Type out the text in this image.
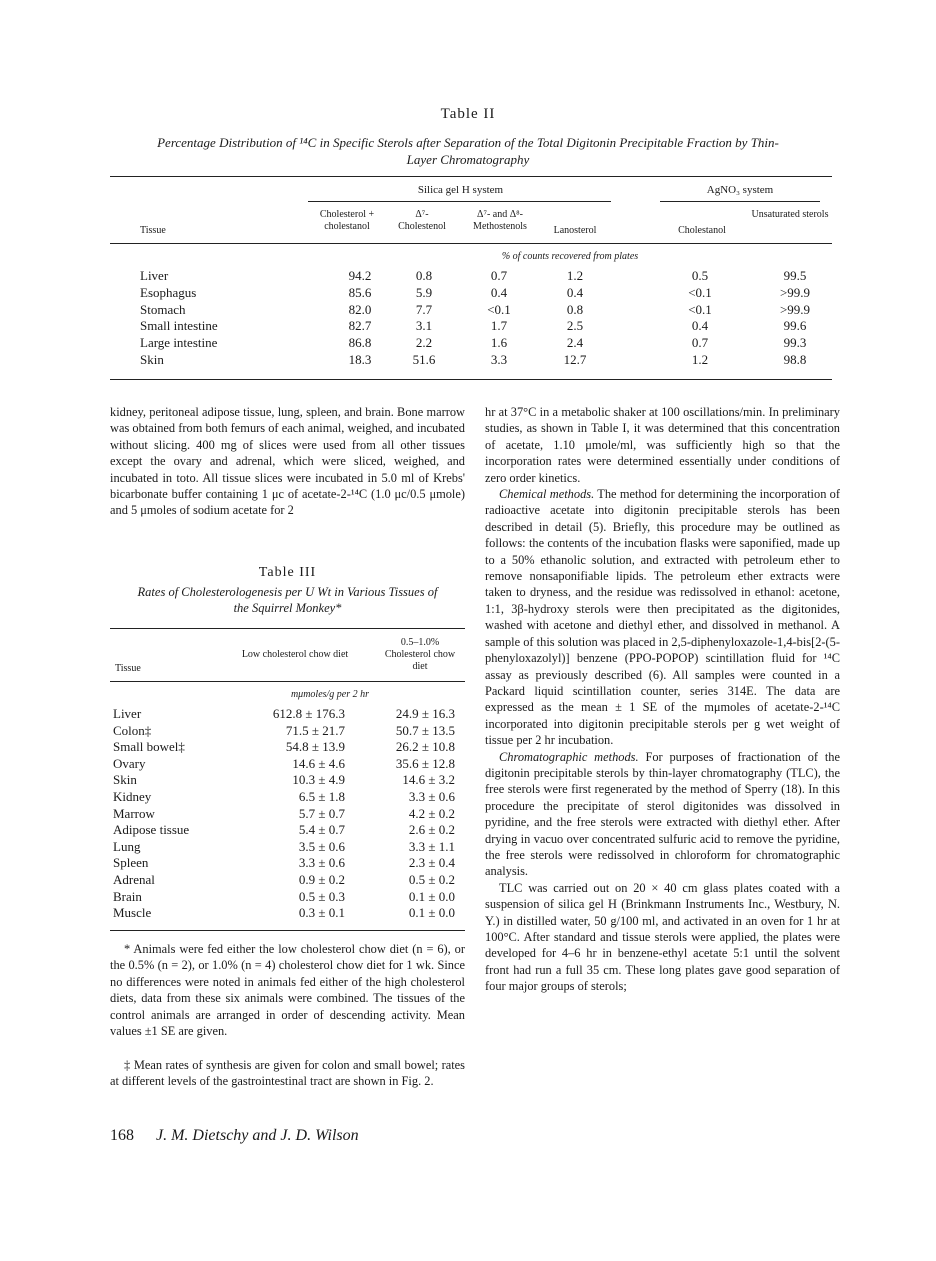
Table II
Percentage Distribution of ¹⁴C in Specific Sterols after Separation of the Total Digitonin Precipitable Fraction by Thin-Layer Chromatography
Silica gel H system	AgNO₃ system
Tissue
Cholesterol + cholestanol
Δ⁷-Cholestenol
Δ⁷- and Δ⁸-Methostenols	Lanosterol	Cholestanol
Unsaturated sterols
% of counts recovered from plates
Liver	94.2	0.8	0.7	1.2	0.5	99.5
Esophagus	85.6	5.9	0.4	0.4	<0.1	>99.9
Stomach	82.0	7.7	<0.1	0.8	<0.1	>99.9
Small intestine	82.7	3.1	1.7	2.5	0.4	99.6
Large intestine	86.8	2.2	1.6	2.4	0.7	99.3
Skin	18.3	51.6	3.3	12.7	1.2	98.8
kidney, peritoneal adipose tissue, lung, spleen, and brain. Bone marrow was obtained from both femurs of each animal, weighed, and incubated without slicing. 400 mg of slices were used from all other tissues except the ovary and adrenal, which were sliced, weighed, and incubated in toto. All tissue slices were incubated in 5.0 ml of Krebs' bicarbonate buffer containing 1 μc of acetate-2-¹⁴C (1.0 μc/0.5 μmole) and 5 μmoles of sodium acetate for 2
Table III
Rates of Cholesterologenesis per U Wt in Various Tissues of the Squirrel Monkey*
Tissue
Low cholesterol chow diet
0.5–1.0% Cholesterol chow diet
mμmoles/g per 2 hr
Liver	612.8 ± 176.3	24.9 ± 16.3
Colon‡	71.5 ± 21.7	50.7 ± 13.5
Small bowel‡	54.8 ± 13.9	26.2 ± 10.8
Ovary	14.6 ± 4.6	35.6 ± 12.8
Skin	10.3 ± 4.9	14.6 ± 3.2
Kidney	6.5 ± 1.8	3.3 ± 0.6
Marrow	5.7 ± 0.7	4.2 ± 0.2
Adipose tissue	5.4 ± 0.7	2.6 ± 0.2
Lung	3.5 ± 0.6	3.3 ± 1.1
Spleen	3.3 ± 0.6	2.3 ± 0.4
Adrenal	0.9 ± 0.2	0.5 ± 0.2
Brain	0.5 ± 0.3	0.1 ± 0.0
Muscle	0.3 ± 0.1	0.1 ± 0.0

* Animals were fed either the low cholesterol chow diet (n = 6), or the 0.5% (n = 2), or 1.0% (n = 4) cholesterol chow diet for 1 wk. Since no differences were noted in animals fed either of the high cholesterol diets, data from these six animals were combined. The tissues of the control animals are arranged in order of descending activity. Mean values ±1 SE are given.

‡ Mean rates of synthesis are given for colon and small bowel; rates at different levels of the gastrointestinal tract are shown in Fig. 2.

hr at 37°C in a metabolic shaker at 100 oscillations/min. In preliminary studies, as shown in Table I, it was determined that this concentration of acetate, 1.10 μmole/ml, was sufficiently high so that the incorporation rates were determined essentially under conditions of zero order kinetics.

Chemical methods. The method for determining the incorporation of radioactive acetate into digitonin precipitable sterols has been described in detail (5). Briefly, this procedure may be outlined as follows: the contents of the incubation flasks were saponified, made up to a 50% ethanolic solution, and extracted with petroleum ether to remove nonsaponifiable lipids. The petroleum ether extracts were taken to dryness, and the residue was redissolved in ethanol: acetone, 1:1, 3β-hydroxy sterols were then precipitated as the digitonides, washed with acetone and diethyl ether, and dissolved in methanol. A sample of this solution was placed in 2,5-diphenyloxazole-1,4-bis[2-(5-phenyloxazolyl)] benzene (PPO-POPOP) scintillation fluid for ¹⁴C assay as previously described (6). All samples were counted in a Packard liquid scintillation counter, series 314E. The data are expressed as the mean ± 1 SE of the mμmoles of acetate-2-¹⁴C incorporated into digitonin precipitable sterols per g wet weight of tissue per 2 hr incubation.

Chromatographic methods. For purposes of fractionation of the digitonin precipitable sterols by thin-layer chromatography (TLC), the free sterols were first regenerated by the method of Sperry (18). In this procedure the precipitate of sterol digitonides was dissolved in pyridine, and the free sterols were extracted with diethyl ether. After drying in vacuo over concentrated sulfuric acid to remove the pyridine, the free sterols were redissolved in chloroform for chromatographic analysis.

TLC was carried out on 20 × 40 cm glass plates coated with a suspension of silica gel H (Brinkmann Instruments Inc., Westbury, N. Y.) in distilled water, 50 g/100 ml, and activated in an oven for 1 hr at 100°C. After standard and tissue sterols were applied, the plates were developed for 4–6 hr in benzene-ethyl acetate 5:1 until the solvent front had run a full 35 cm. These long plates gave good separation of four major groups of sterols;

168 J. M. Dietschy and J. D. Wilson
